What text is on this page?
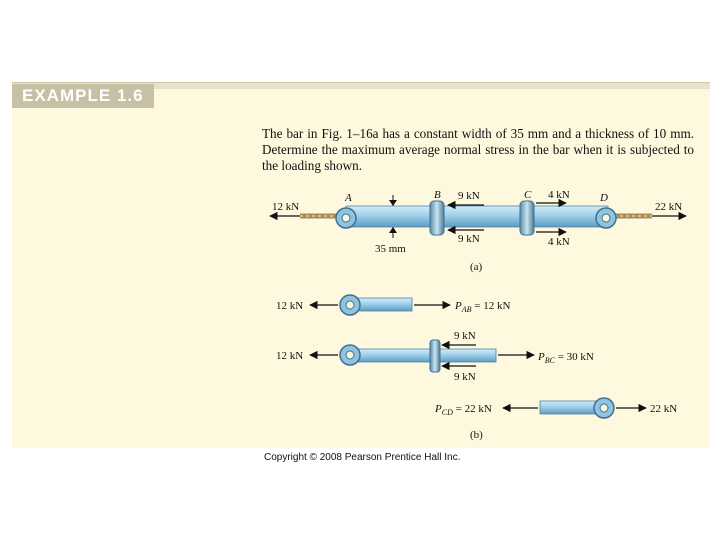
EXAMPLE 1.6
The bar in Fig. 1–16a has a constant width of 35 mm and a thickness of 10 mm. Determine the maximum average normal stress in the bar when it is subjected to the loading shown.
12 kN	22 kN
A	B	C	D
9 kN
9 kN
4 kN
4 kN
35 mm
(a)
12 kN	$P_{AB} = 12$ kN
12 kN
9 kN
9 kN
$P_{BC} = 30$ kN
$P_{CD} = 22$ kN	22 kN
(b)
Copyright © 2008 Pearson Prentice Hall Inc.
